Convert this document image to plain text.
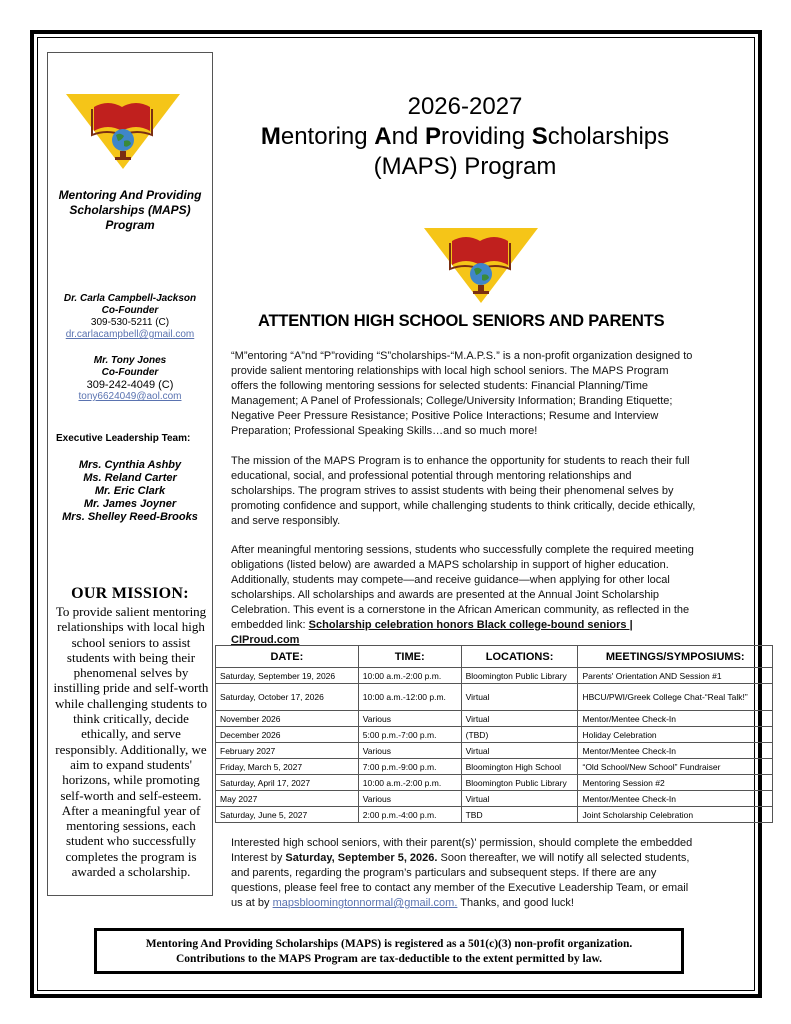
Mentoring And Providing Scholarships (MAPS) Program
Dr. Carla Campbell-Jackson
Co-Founder
309-530-5211 (C)
dr.carlacampbell@gmail.com
Mr. Tony Jones
Co-Founder
309-242-4049 (C)
tony6624049@aol.com
Executive Leadership Team:
Mrs. Cynthia Ashby
Ms. Reland Carter
Mr. Eric Clark
Mr. James Joyner
Mrs. Shelley Reed-Brooks
OUR MISSION:
To provide salient mentoring relationships with local high school seniors to assist students with being their phenomenal selves by instilling pride and self-worth while challenging students to think critically, decide ethically, and serve responsibly. Additionally, we aim to expand students' horizons, while promoting self-worth and self-esteem. After a meaningful year of mentoring sessions, each student who successfully completes the program is awarded a scholarship.
2026-2027
Mentoring And Providing Scholarships
(MAPS) Program
ATTENTION HIGH SCHOOL SENIORS AND PARENTS
“M”entoring “A”nd “P”roviding “S”cholarships-“M.A.P.S.” is a non-profit organization designed to provide salient mentoring relationships with local high school seniors. The MAPS Program offers the following mentoring sessions for selected students: Financial Planning/Time Management; A Panel of Professionals; College/University Information; Branding Etiquette; Negative Peer Pressure Resistance; Positive Police Interactions; Resume and Interview Preparation; Professional Speaking Skills…and so much more!
The mission of the MAPS Program is to enhance the opportunity for students to reach their full educational, social, and professional potential through mentoring relationships and scholarships. The program strives to assist students with being their phenomenal selves by promoting confidence and support, while challenging students to think critically, decide ethically, and serve responsibly.
After meaningful mentoring sessions, students who successfully complete the required meeting obligations (listed below) are awarded a MAPS scholarship in support of higher education. Additionally, students may compete—and receive guidance—when applying for other local scholarships. All scholarships and awards are presented at the Annual Joint Scholarship Celebration. This event is a cornerstone in the African American community, as reflected in the embedded link: Scholarship celebration honors Black college-bound seniors | CIProud.com
DATE:	TIME:	LOCATIONS:	MEETINGS/SYMPOSIUMS:
Saturday, September 19, 2026	10:00 a.m.-2:00 p.m.	Bloomington Public Library	Parents' Orientation AND Session #1
Saturday, October 17, 2026	10:00 a.m.-12:00 p.m.	Virtual	HBCU/PWI/Greek College Chat-“Real Talk!”
November 2026	Various	Virtual	Mentor/Mentee Check-In
December 2026	5:00 p.m.-7:00 p.m.	(TBD)	Holiday Celebration
February 2027	Various	Virtual	Mentor/Mentee Check-In
Friday, March 5, 2027	7:00 p.m.-9:00 p.m.	Bloomington High School	“Old School/New School” Fundraiser
Saturday, April 17, 2027	10:00 a.m.-2:00 p.m.	Bloomington Public Library	Mentoring Session #2
May 2027	Various	Virtual	Mentor/Mentee Check-In
Saturday, June 5, 2027	2:00 p.m.-4:00 p.m.	TBD	Joint Scholarship Celebration
Interested high school seniors, with their parent(s)' permission, should complete the embedded Interest by Saturday, September 5, 2026. Soon thereafter, we will notify all selected students, and parents, regarding the program’s particulars and subsequent steps. If there are any questions, please feel free to contact any member of the Executive Leadership Team, or email us at by mapsbloomingtonnormal@gmail.com. Thanks, and good luck!
Mentoring And Providing Scholarships (MAPS) is registered as a 501(c)(3) non-profit organization.
Contributions to the MAPS Program are tax-deductible to the extent permitted by law.
